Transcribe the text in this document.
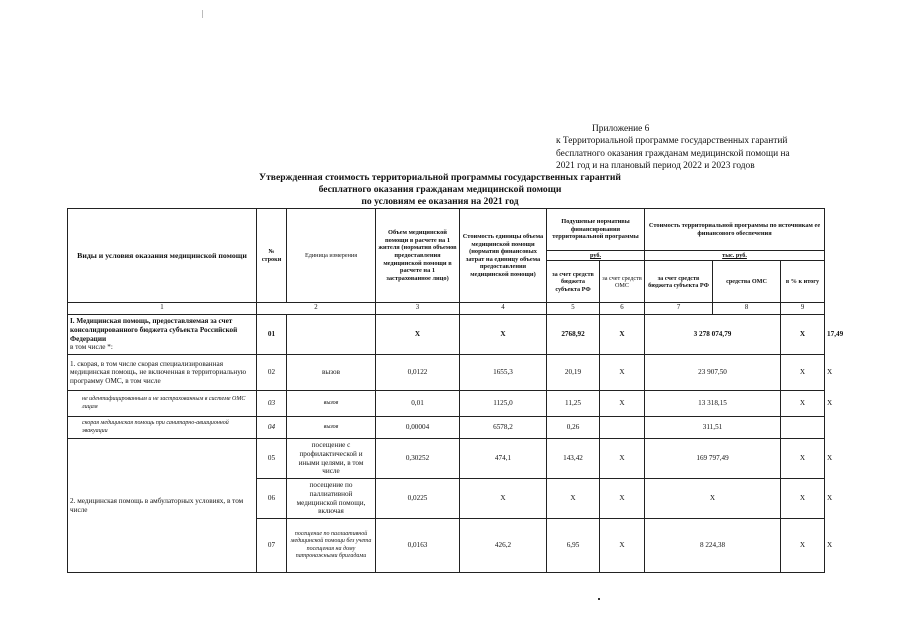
Приложение 6
к Территориальной программе государственных гарантий
бесплатного оказания гражданам медицинской помощи на
2021 год и на плановый период 2022 и 2023 годов
Утвержденная стоимость территориальной программы государственных гарантий
бесплатного оказания гражданам медицинской помощи
по условиям ее оказания на 2021 год
Виды и условия оказания медицинской помощи	№ строки	Единица измерения	Объем медицинской помощи в расчете на 1 жителя (норматив объемов предоставления медицинской помощи в расчете на 1 застрахованное лицо)	Стоимость единицы объема медицинской помощи (норматив финансовых затрат на единицу объема предоставления медицинской помощи)	Подушевые нормативы финансирования территориальной программы		Стоимость территориальной программы по источникам ее финансового обеспечения			
					руб.		тыс. руб.			
					за счет средств бюджета субъекта РФ	за счет средств ОМС	за счет средств бюджета субъекта РФ	средства ОМС	в % к итогу	
1	2		3	4	5	6	7	8	9	
I. Медицинская помощь, предоставляемая за счет консолидированного бюджета субъекта Российской Федерации
в том числе *:	01		X	X	2768,92	X	3 278 074,79		X	17,49
1. скорая, в том числе скорая специализированная медицинская помощь, не включенная в территориальную программу ОМС, в том числе	02	вызов	0,0122	1655,3	20,19	X	23 907,50		X	X
не идентифицированным и не застрахованным в системе ОМС лицам	03	вызов	0,01	1125,0	11,25	X	13 318,15		X	X
скорая медицинская помощь при санитарно-авиационной эвакуации	04	вызов	0,00004	6578,2	0,26		311,51			
2. медицинская помощь в амбулаторных условиях, в том числе	05	посещение с профилактической и иными целями, в том числе	0,30252	474,1	143,42	X	169 797,49		X	X
	06	посещение по паллиативной медицинской помощи, включая	0,0225	X	X	X	X		X	X
	07	посещение по паллиативной медицинской помощи без учета посещения на дому патронажными бригадами	0,0163	426,2	6,95	X	8 224,38		X	X
